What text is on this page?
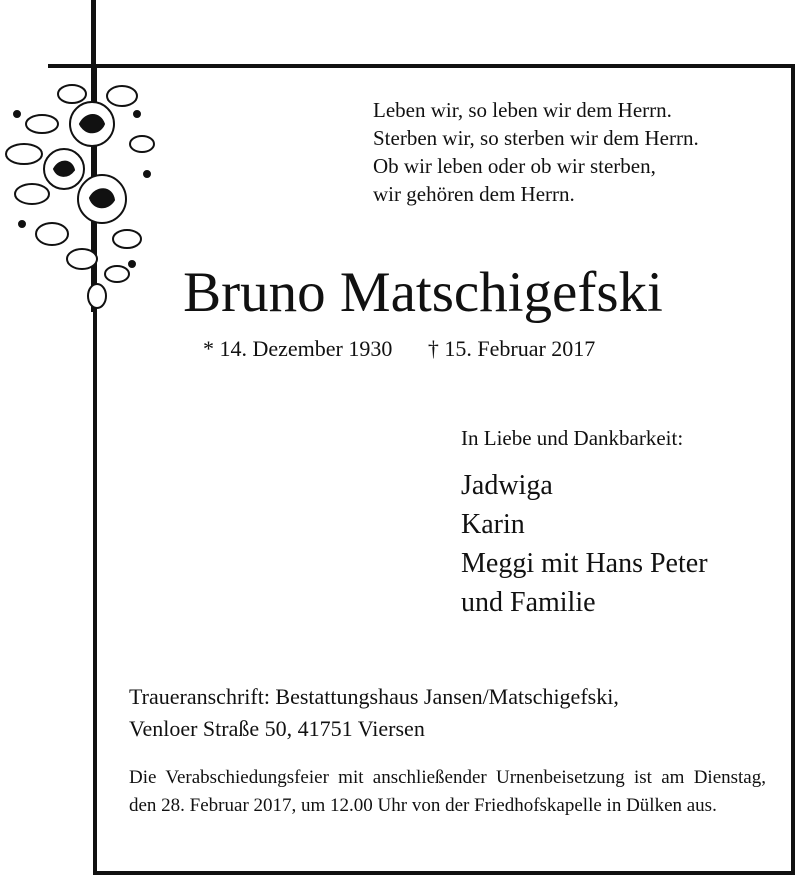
Leben wir, so leben wir dem Herrn.
Sterben wir, so sterben wir dem Herrn.
Ob wir leben oder ob wir sterben,
wir gehören dem Herrn.
Bruno Matschigefski
* 14. Dezember 1930 † 15. Februar 2017
In Liebe und Dankbarkeit:
Jadwiga
Karin
Meggi mit Hans Peter
und Familie
Traueranschrift: Bestattungshaus Jansen/Matschigefski,
Venloer Straße 50, 41751 Viersen
Die Verabschiedungsfeier mit anschließender Urnenbeisetzung ist am Dienstag, den 28. Februar 2017, um 12.00 Uhr von der Friedhofskapelle in Dülken aus.
